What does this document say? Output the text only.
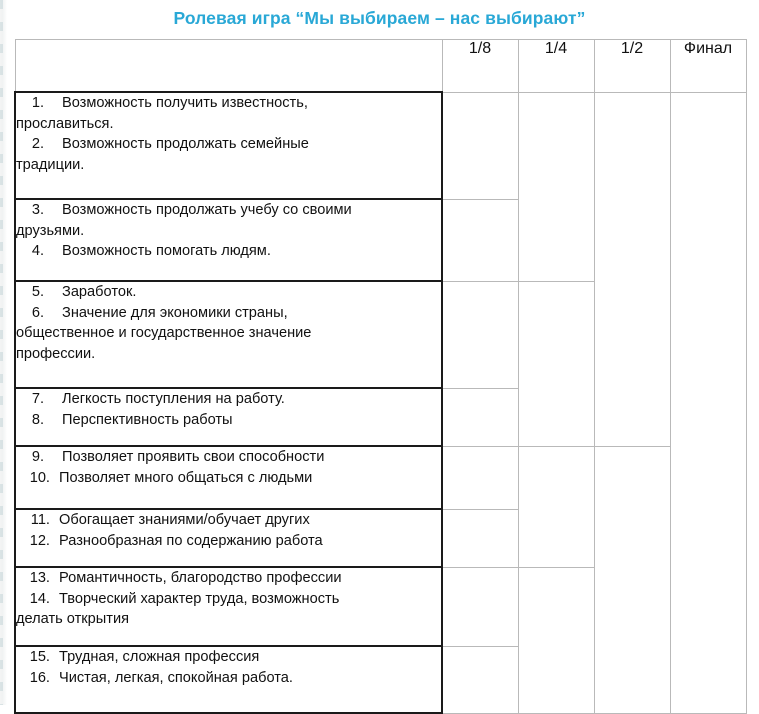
Ролевая игра “Мы выбираем – нас выбирают”
	1/8	1/4	1/2	Финал

1. Возможность получить известность,
прославиться.
2. Возможность продолжать семейные
традиции.				

3. Возможность продолжать учебу со своими
друзьями.
4. Возможность помогать людям.				

5. Заработок.
6. Значение для экономики страны,
общественное и государственное значение
профессии.				

7. Легкость поступления на работу.
8. Перспективность работы				

9. Позволяет проявить свои способности
10. Позволяет много общаться с людьми				

11. Обогащает знаниями/обучает других
12. Разнообразная по содержанию работа				

13. Романтичность, благородство профессии
14. Творческий характер труда, возможность
делать открытия				

15. Трудная, сложная профессия
16. Чистая, легкая, спокойная работа.				
